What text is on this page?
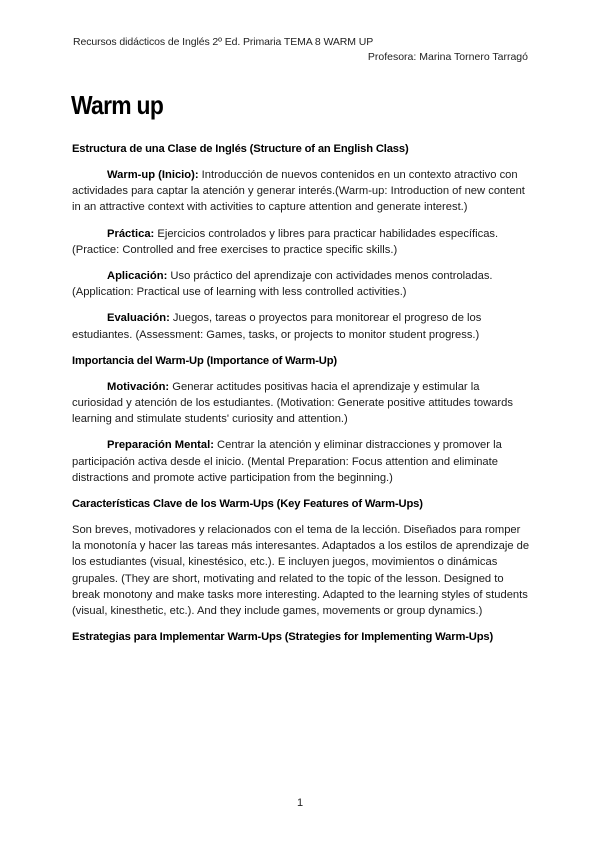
Recursos didácticos de Inglés 2º Ed. Primaria TEMA 8 WARM UP
Profesora: Marina Tornero Tarragó
Warm up
Estructura de una Clase de Inglés (Structure of an English Class)

Warm-up (Inicio): Introducción de nuevos contenidos en un contexto atractivo con actividades para captar la atención y generar interés.(Warm-up: Introduction of new content in an attractive context with activities to capture attention and generate interest.)

Práctica: Ejercicios controlados y libres para practicar habilidades específicas. (Practice: Controlled and free exercises to practice specific skills.)

Aplicación: Uso práctico del aprendizaje con actividades menos controladas. (Application: Practical use of learning with less controlled activities.)

Evaluación: Juegos, tareas o proyectos para monitorear el progreso de los estudiantes. (Assessment: Games, tasks, or projects to monitor student progress.)

Importancia del Warm-Up (Importance of Warm-Up)

Motivación: Generar actitudes positivas hacia el aprendizaje y estimular la curiosidad y atención de los estudiantes. (Motivation: Generate positive attitudes towards learning and stimulate students' curiosity and attention.)

Preparación Mental: Centrar la atención y eliminar distracciones y promover la participación activa desde el inicio. (Mental Preparation: Focus attention and eliminate distractions and promote active participation from the beginning.)

Características Clave de los Warm-Ups (Key Features of Warm-Ups)

Son breves, motivadores y relacionados con el tema de la lección. Diseñados para romper la monotonía y hacer las tareas más interesantes. Adaptados a los estilos de aprendizaje de los estudiantes (visual, kinestésico, etc.). E incluyen juegos, movimientos o dinámicas grupales. (They are short, motivating and related to the topic of the lesson. Designed to break monotony and make tasks more interesting. Adapted to the learning styles of students (visual, kinesthetic, etc.). And they include games, movements or group dynamics.)

Estrategias para Implementar Warm-Ups (Strategies for Implementing Warm-Ups)
1
